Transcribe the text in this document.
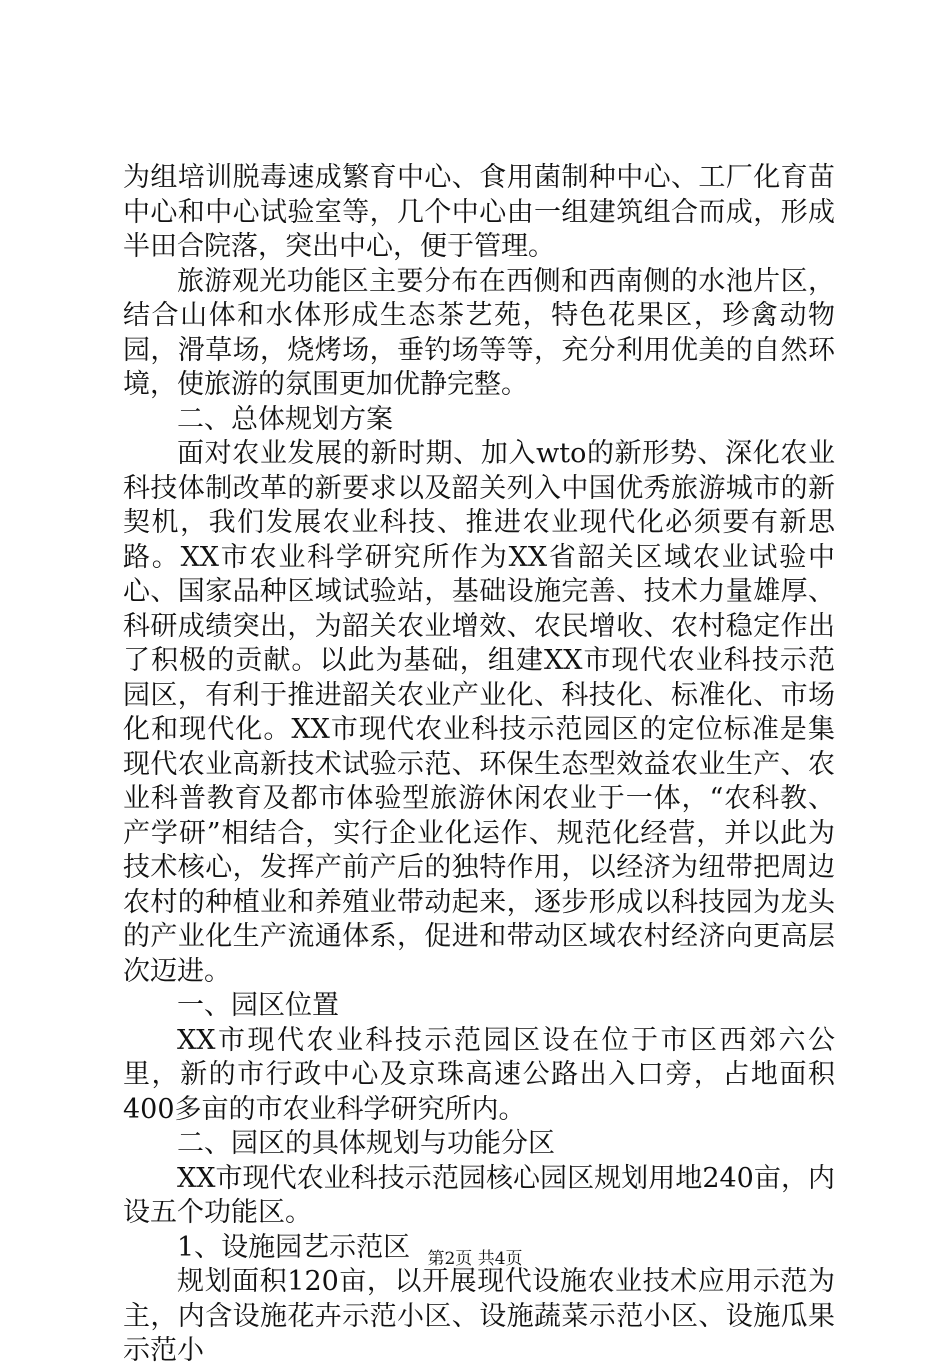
为组培训脱毒速成繁育中心、食用菌制种中心、工厂化育苗中心和中心试验室等，几个中心由一组建筑组合而成，形成半田合院落，突出中心，便于管理。

旅游观光功能区主要分布在西侧和西南侧的水池片区，结合山体和水体形成生态茶艺苑，特色花果区，珍禽动物园，滑草场，烧烤场，垂钓场等等，充分利用优美的自然环境，使旅游的氛围更加优静完整。

二、总体规划方案

面对农业发展的新时期、加入wto的新形势、深化农业科技体制改革的新要求以及韶关列入中国优秀旅游城市的新契机，我们发展农业科技、推进农业现代化必须要有新思路。XX市农业科学研究所作为XX省韶关区域农业试验中心、国家品种区域试验站，基础设施完善、技术力量雄厚、科研成绩突出，为韶关农业增效、农民增收、农村稳定作出了积极的贡献。以此为基础，组建XX市现代农业科技示范园区，有利于推进韶关农业产业化、科技化、标准化、市场化和现代化。XX市现代农业科技示范园区的定位标准是集现代农业高新技术试验示范、环保生态型效益农业生产、农业科普教育及都市体验型旅游休闲农业于一体，“农科教、产学研”相结合，实行企业化运作、规范化经营，并以此为技术核心，发挥产前产后的独特作用，以经济为纽带把周边农村的种植业和养殖业带动起来，逐步形成以科技园为龙头的产业化生产流通体系，促进和带动区域农村经济向更高层次迈进。

一、园区位置

XX市现代农业科技示范园区设在位于市区西郊六公里，新的市行政中心及京珠高速公路出入口旁，占地面积400多亩的市农业科学研究所内。

二、园区的具体规划与功能分区

XX市现代农业科技示范园核心园区规划用地240亩，内设五个功能区。

1、设施园艺示范区

规划面积120亩，以开展现代设施农业技术应用示范为主，内含设施花卉示范小区、设施蔬菜示范小区、设施瓜果示范小

第2页 共4页
